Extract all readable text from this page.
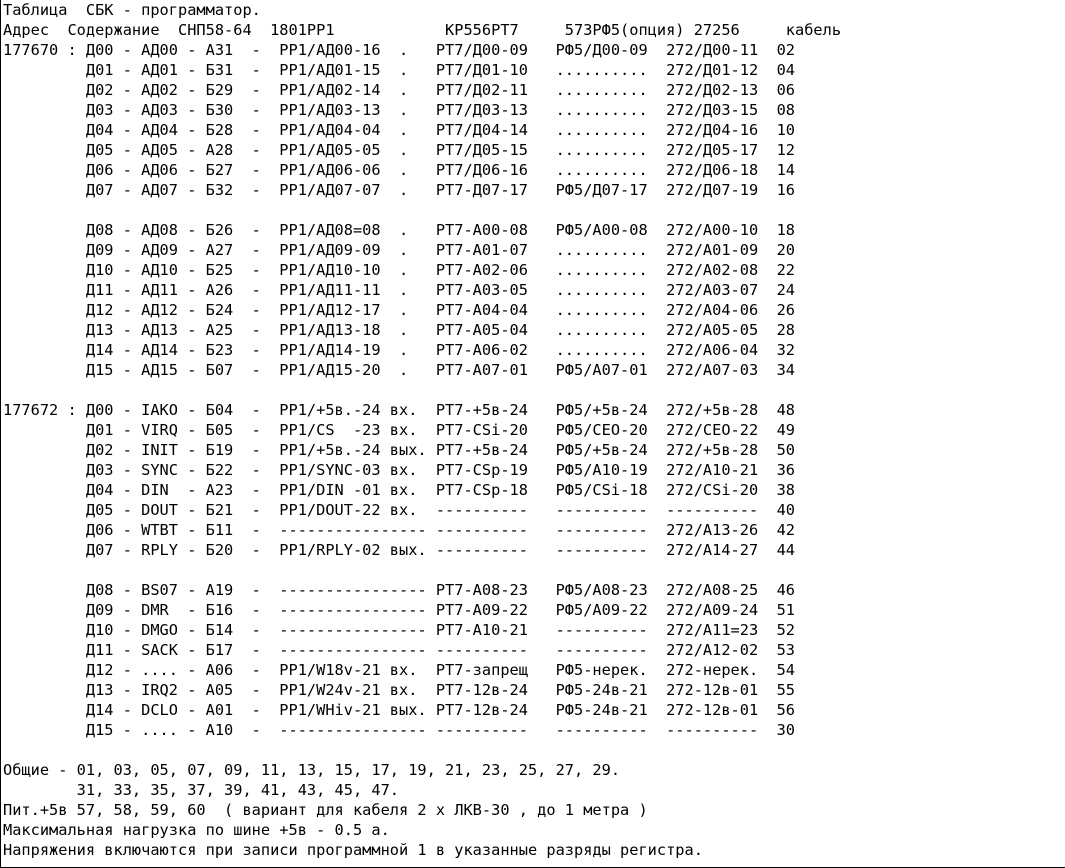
Таблица  СБК - программатор.
Адрес  Содержание  СНП58-64  1801РР1            КР556РТ7     573РФ5(опция) 27256     кабель
177670 : Д00 - АД00 - А31  -  РР1/АД00-16  .   РТ7/Д00-09   РФ5/Д00-09  272/Д00-11  02
Д01 - АД01 - Б31  -  РР1/АД01-15  .   РТ7/Д01-10   ..........  272/Д01-12  04
Д02 - АД02 - Б29  -  РР1/АД02-14  .   РТ7/Д02-11   ..........  272/Д02-13  06
Д03 - АД03 - Б30  -  РР1/АД03-13  .   РТ7/Д03-13   ..........  272/Д03-15  08
Д04 - АД04 - Б28  -  РР1/АД04-04  .   РТ7/Д04-14   ..........  272/Д04-16  10
Д05 - АД05 - А28  -  РР1/АД05-05  .   РТ7/Д05-15   ..........  272/Д05-17  12
Д06 - АД06 - Б27  -  РР1/АД06-06  .   РТ7/Д06-16   ..........  272/Д06-18  14
Д07 - АД07 - Б32  -  РР1/АД07-07  .   РТ7-Д07-17   РФ5/Д07-17  272/Д07-19  16

Д08 - АД08 - Б26  -  РР1/АД08=08  .   РТ7-А00-08   РФ5/А00-08  272/А00-10  18
Д09 - АД09 - А27  -  РР1/АД09-09  .   РТ7-А01-07   ..........  272/А01-09  20
Д10 - АД10 - Б25  -  РР1/АД10-10  .   РТ7-А02-06   ..........  272/А02-08  22
Д11 - АД11 - А26  -  РР1/АД11-11  .   РТ7-А03-05   ..........  272/А03-07  24
Д12 - АД12 - Б24  -  РР1/АД12-17  .   РТ7-А04-04   ..........  272/А04-06  26
Д13 - АД13 - А25  -  РР1/АД13-18  .   РТ7-А05-04   ..........  272/А05-05  28
Д14 - АД14 - Б23  -  РР1/АД14-19  .   РТ7-А06-02   ..........  272/А06-04  32
Д15 - АД15 - Б07  -  РР1/АД15-20  .   РТ7-А07-01   РФ5/А07-01  272/А07-03  34

177672 : Д00 - IAKO - Б04  -  РР1/+5в.-24 вх.  РТ7-+5в-24   РФ5/+5в-24  272/+5в-28  48
Д01 - VIRQ - Б05  -  РР1/CS  -23 вх.  РТ7-CSi-20   РФ5/CEO-20  272/CEO-22  49
Д02 - INIT - Б19  -  РР1/+5в.-24 вых. РТ7-+5в-24   РФ5/+5в-24  272/+5в-28  50
Д03 - SYNC - Б22  -  РР1/SYNC-03 вх.  РТ7-CSр-19   РФ5/А10-19  272/А10-21  36
Д04 - DIN  - А23  -  РР1/DIN -01 вх.  РТ7-CSр-18   РФ5/CSi-18  272/CSi-20  38
Д05 - DOUT - Б21  -  РР1/DOUT-22 вх.  ----------   ----------  ----------  40
Д06 - WTBT - Б11  -  ---------------- ----------   ----------  272/А13-26  42
Д07 - RPLY - Б20  -  РР1/RPLY-02 вых. ----------   ----------  272/А14-27  44

Д08 - BS07 - А19  -  ---------------- РТ7-А08-23   РФ5/А08-23  272/А08-25  46
Д09 - DMR  - Б16  -  ---------------- РТ7-А09-22   РФ5/А09-22  272/А09-24  51
Д10 - DMGO - Б14  -  ---------------- РТ7-А10-21   ----------  272/А11=23  52
Д11 - SACK - Б17  -  ---------------- ----------   ----------  272/А12-02  53
Д12 - .... - А06  -  РР1/W18v-21 вх.  РТ7-запрещ   РФ5-нерек.  272-нерек.  54
Д13 - IRQ2 - А05  -  РР1/W24v-21 вх.  РТ7-12в-24   РФ5-24в-21  272-12в-01  55
Д14 - DCLO - А01  -  РР1/WHiv-21 вых. РТ7-12в-24   РФ5-24в-21  272-12в-01  56
Д15 - .... - А10  -  ---------------- ----------   ----------  ----------  30

Общие - 01, 03, 05, 07, 09, 11, 13, 15, 17, 19, 21, 23, 25, 27, 29.
31, 33, 35, 37, 39, 41, 43, 45, 47.
Пит.+5в 57, 58, 59, 60  ( вариант для кабеля 2 х ЛКВ-30 , до 1 метра )
Максимальная нагрузка по шине +5в - 0.5 а.
Напряжения включаются при записи программной 1 в указанные разряды регистра.
